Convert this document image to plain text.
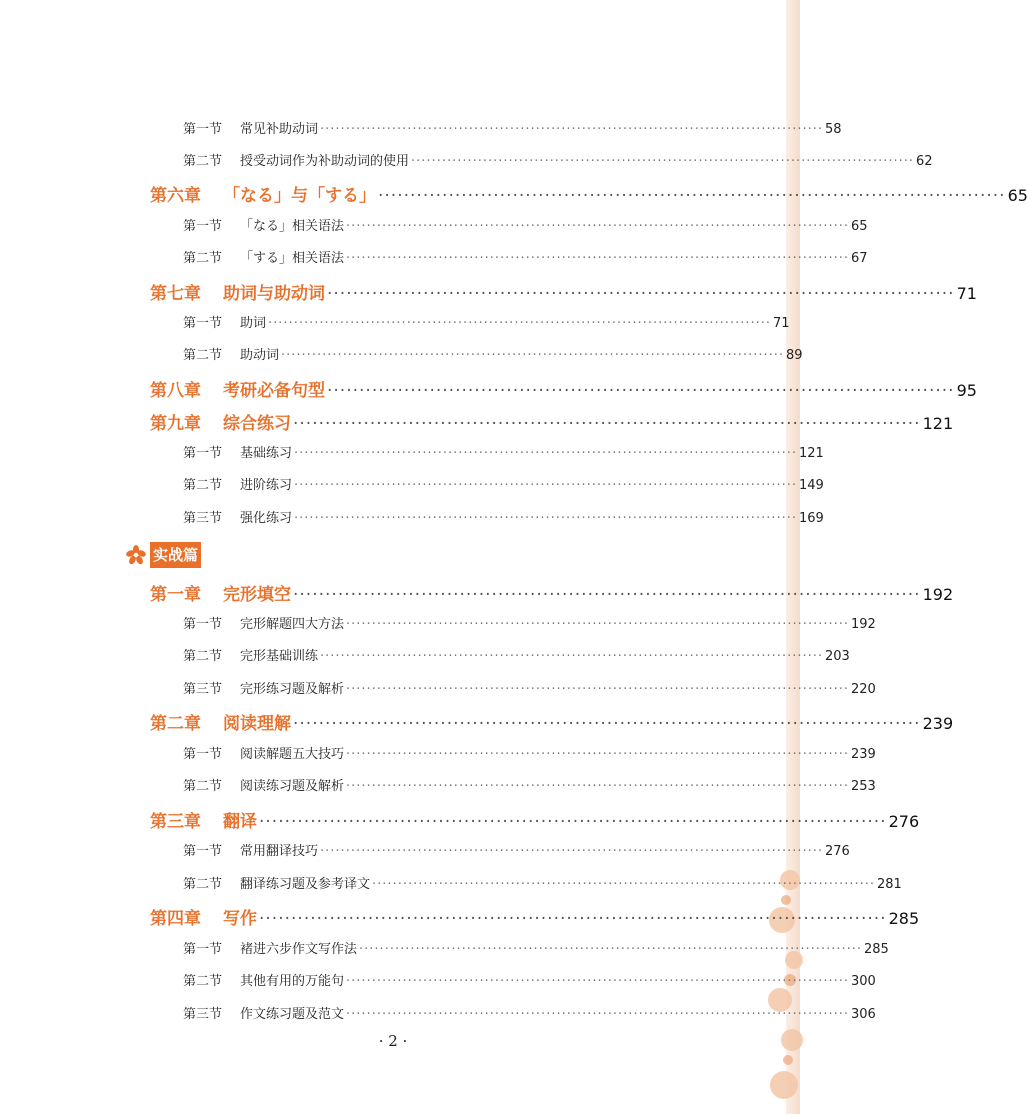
第一节 常见补助动词 ·································································································· 58
第二节 授受动词作为补助动词的使用 ·································································································· 62
第六章 「なる」与「する」 ·································································································· 65
第一节 「なる」相关语法 ·································································································· 65
第二节 「する」相关语法 ·································································································· 67
第七章 助词与助动词 ·································································································· 71
第一节 助词 ·································································································· 71
第二节 助动词 ·································································································· 89
第八章 考研必备句型 ·································································································· 95
第九章 综合练习 ·································································································· 121
第一节 基础练习 ·································································································· 121
第二节 进阶练习 ·································································································· 149
第三节 强化练习 ·································································································· 169
实战篇
第一章 完形填空 ·································································································· 192
第一节 完形解题四大方法 ·································································································· 192
第二节 完形基础训练 ·································································································· 203
第三节 完形练习题及解析 ·································································································· 220
第二章 阅读理解 ·································································································· 239
第一节 阅读解题五大技巧 ·································································································· 239
第二节 阅读练习题及解析 ·································································································· 253
第三章 翻译 ·································································································· 276
第一节 常用翻译技巧 ·································································································· 276
第二节 翻译练习题及参考译文 ·································································································· 281
第四章 写作 ·································································································· 285
第一节 褚进六步作文写作法 ·································································································· 285
第二节 其他有用的万能句 ·································································································· 300
第三节 作文练习题及范文 ·································································································· 306
· 2 ·
